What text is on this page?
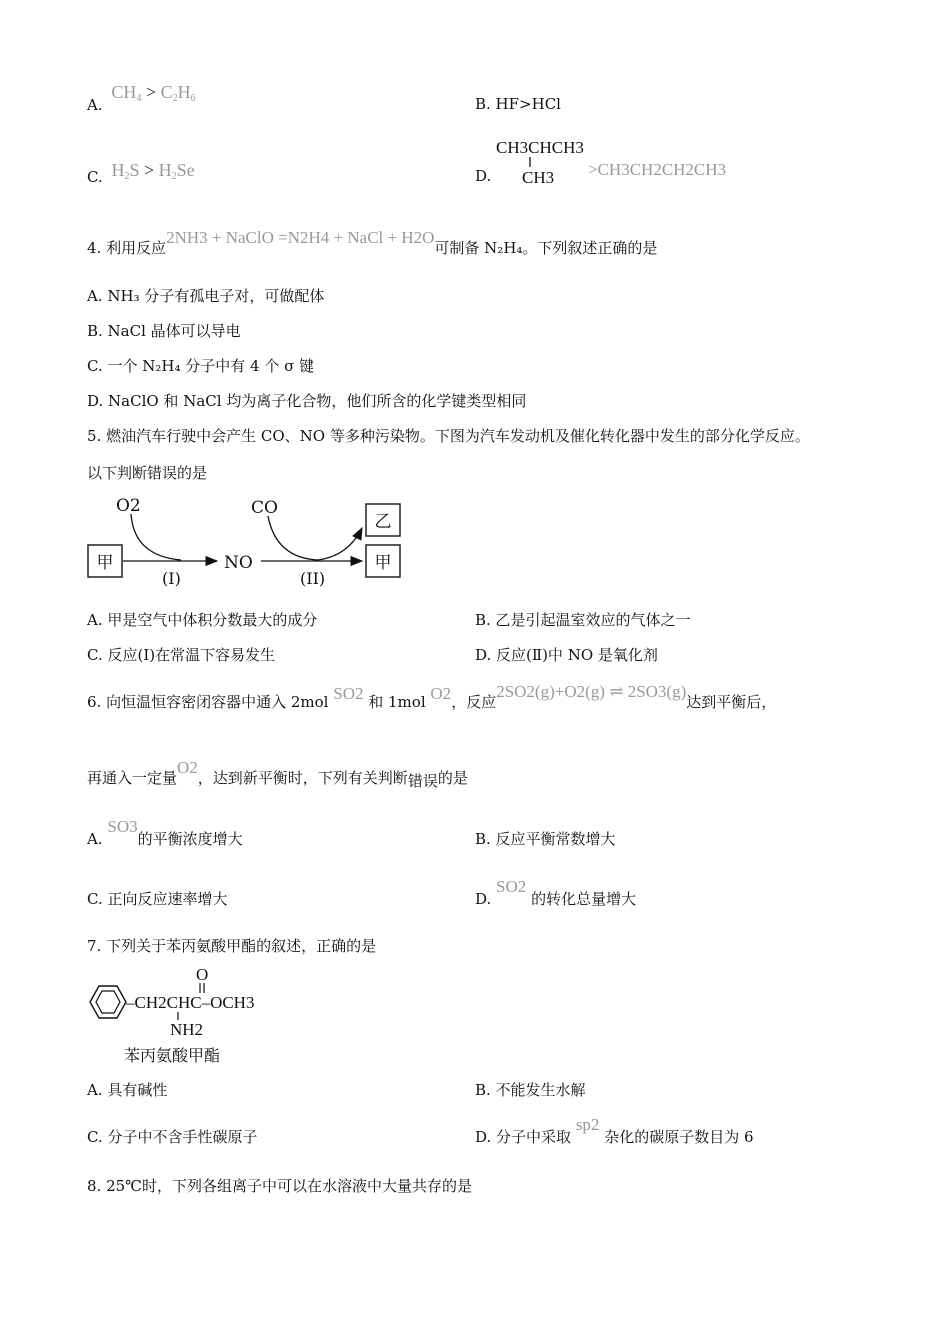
A. $CH_4 > C_2H_6$	B. HF>HCl
C. $H_2S > H_2Se$	D.
CH3CHCH3
CH3 >CH3CH2CH2CH3
4. 利用反应2NH3 + NaClO =N2H4 + NaCl + H2O可制备 N₂H₄。下列叙述正确的是
A. NH₃ 分子有孤电子对，可做配体
B. NaCl 晶体可以导电
C. 一个 N₂H₄ 分子中有 4 个 σ 键
D. NaClO 和 NaCl 均为离子化合物，他们所含的化学键类型相同
5. 燃油汽车行驶中会产生 CO、NO 等多种污染物。下图为汽车发动机及催化转化器中发生的部分化学反应。
以下判断错误的是
甲
O2
(I)
NO
CO
(II)
乙
甲
A. 甲是空气中体积分数最大的成分	B. 乙是引起温室效应的气体之一
C. 反应(I)在常温下容易发生	D. 反应(Ⅱ)中 NO 是氧化剂
6. 向恒温恒容密闭容器中通入 2mol SO2 和 1mol O2，反应2SO2(g)+O2(g) ⇌ 2SO3(g)达到平衡后，
再通入一定量O2，达到新平衡时，下列有关判断错误的是
A. SO3的平衡浓度增大	B. 反应平衡常数增大
C. 正向反应速率增大	D. SO2 的转化总量增大
7. 下列关于苯丙氨酸甲酯的叙述，正确的是
O
–CH2CHC–OCH3
NH2
苯丙氨酸甲酯
A. 具有碱性	B. 不能发生水解
C. 分子中不含手性碳原子	D. 分子中采取 sp2 杂化的碳原子数目为 6
8. 25℃时，下列各组离子中可以在水溶液中大量共存的是
